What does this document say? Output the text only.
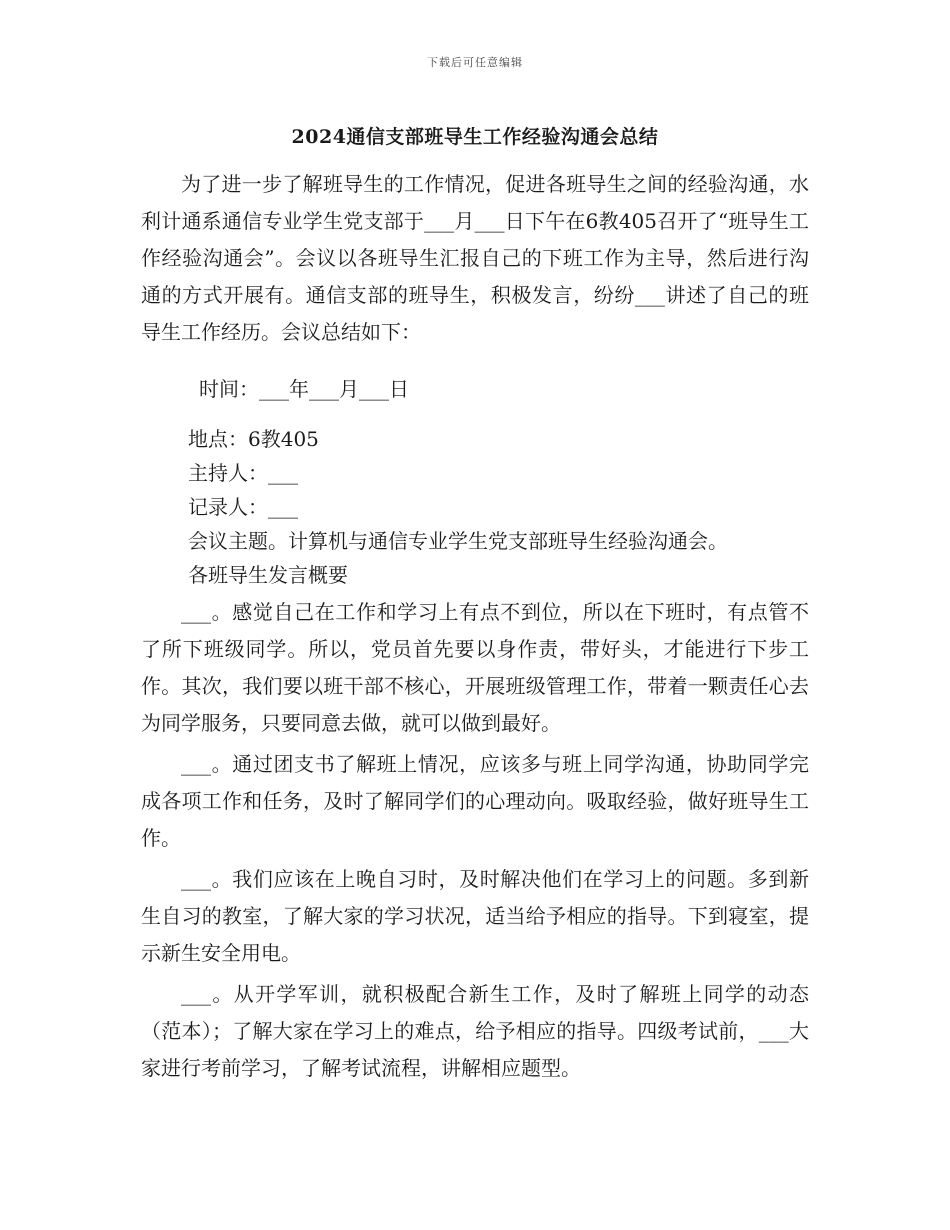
下载后可任意编辑
2024通信支部班导生工作经验沟通会总结

为了进一步了解班导生的工作情况，促进各班导生之间的经验沟通，水利计通系通信专业学生党支部于___月___日下午在6教405召开了“班导生工作经验沟通会”。会议以各班导生汇报自己的下班工作为主导，然后进行沟通的方式开展有。通信支部的班导生，积极发言，纷纷___讲述了自己的班导生工作经历。会议总结如下：

时间：___年___月___日

地点：6教405

主持人：___

记录人：___

会议主题。计算机与通信专业学生党支部班导生经验沟通会。

各班导生发言概要

___。感觉自己在工作和学习上有点不到位，所以在下班时，有点管不了所下班级同学。所以，党员首先要以身作责，带好头，才能进行下步工作。其次，我们要以班干部不核心，开展班级管理工作，带着一颗责任心去为同学服务，只要同意去做，就可以做到最好。

___。通过团支书了解班上情况，应该多与班上同学沟通，协助同学完成各项工作和任务，及时了解同学们的心理动向。吸取经验，做好班导生工作。

___。我们应该在上晚自习时，及时解决他们在学习上的问题。多到新生自习的教室，了解大家的学习状况，适当给予相应的指导。下到寝室，提示新生安全用电。

___。从开学军训，就积极配合新生工作，及时了解班上同学的动态（范本）；了解大家在学习上的难点，给予相应的指导。四级考试前，___大家进行考前学习，了解考试流程，讲解相应题型。
